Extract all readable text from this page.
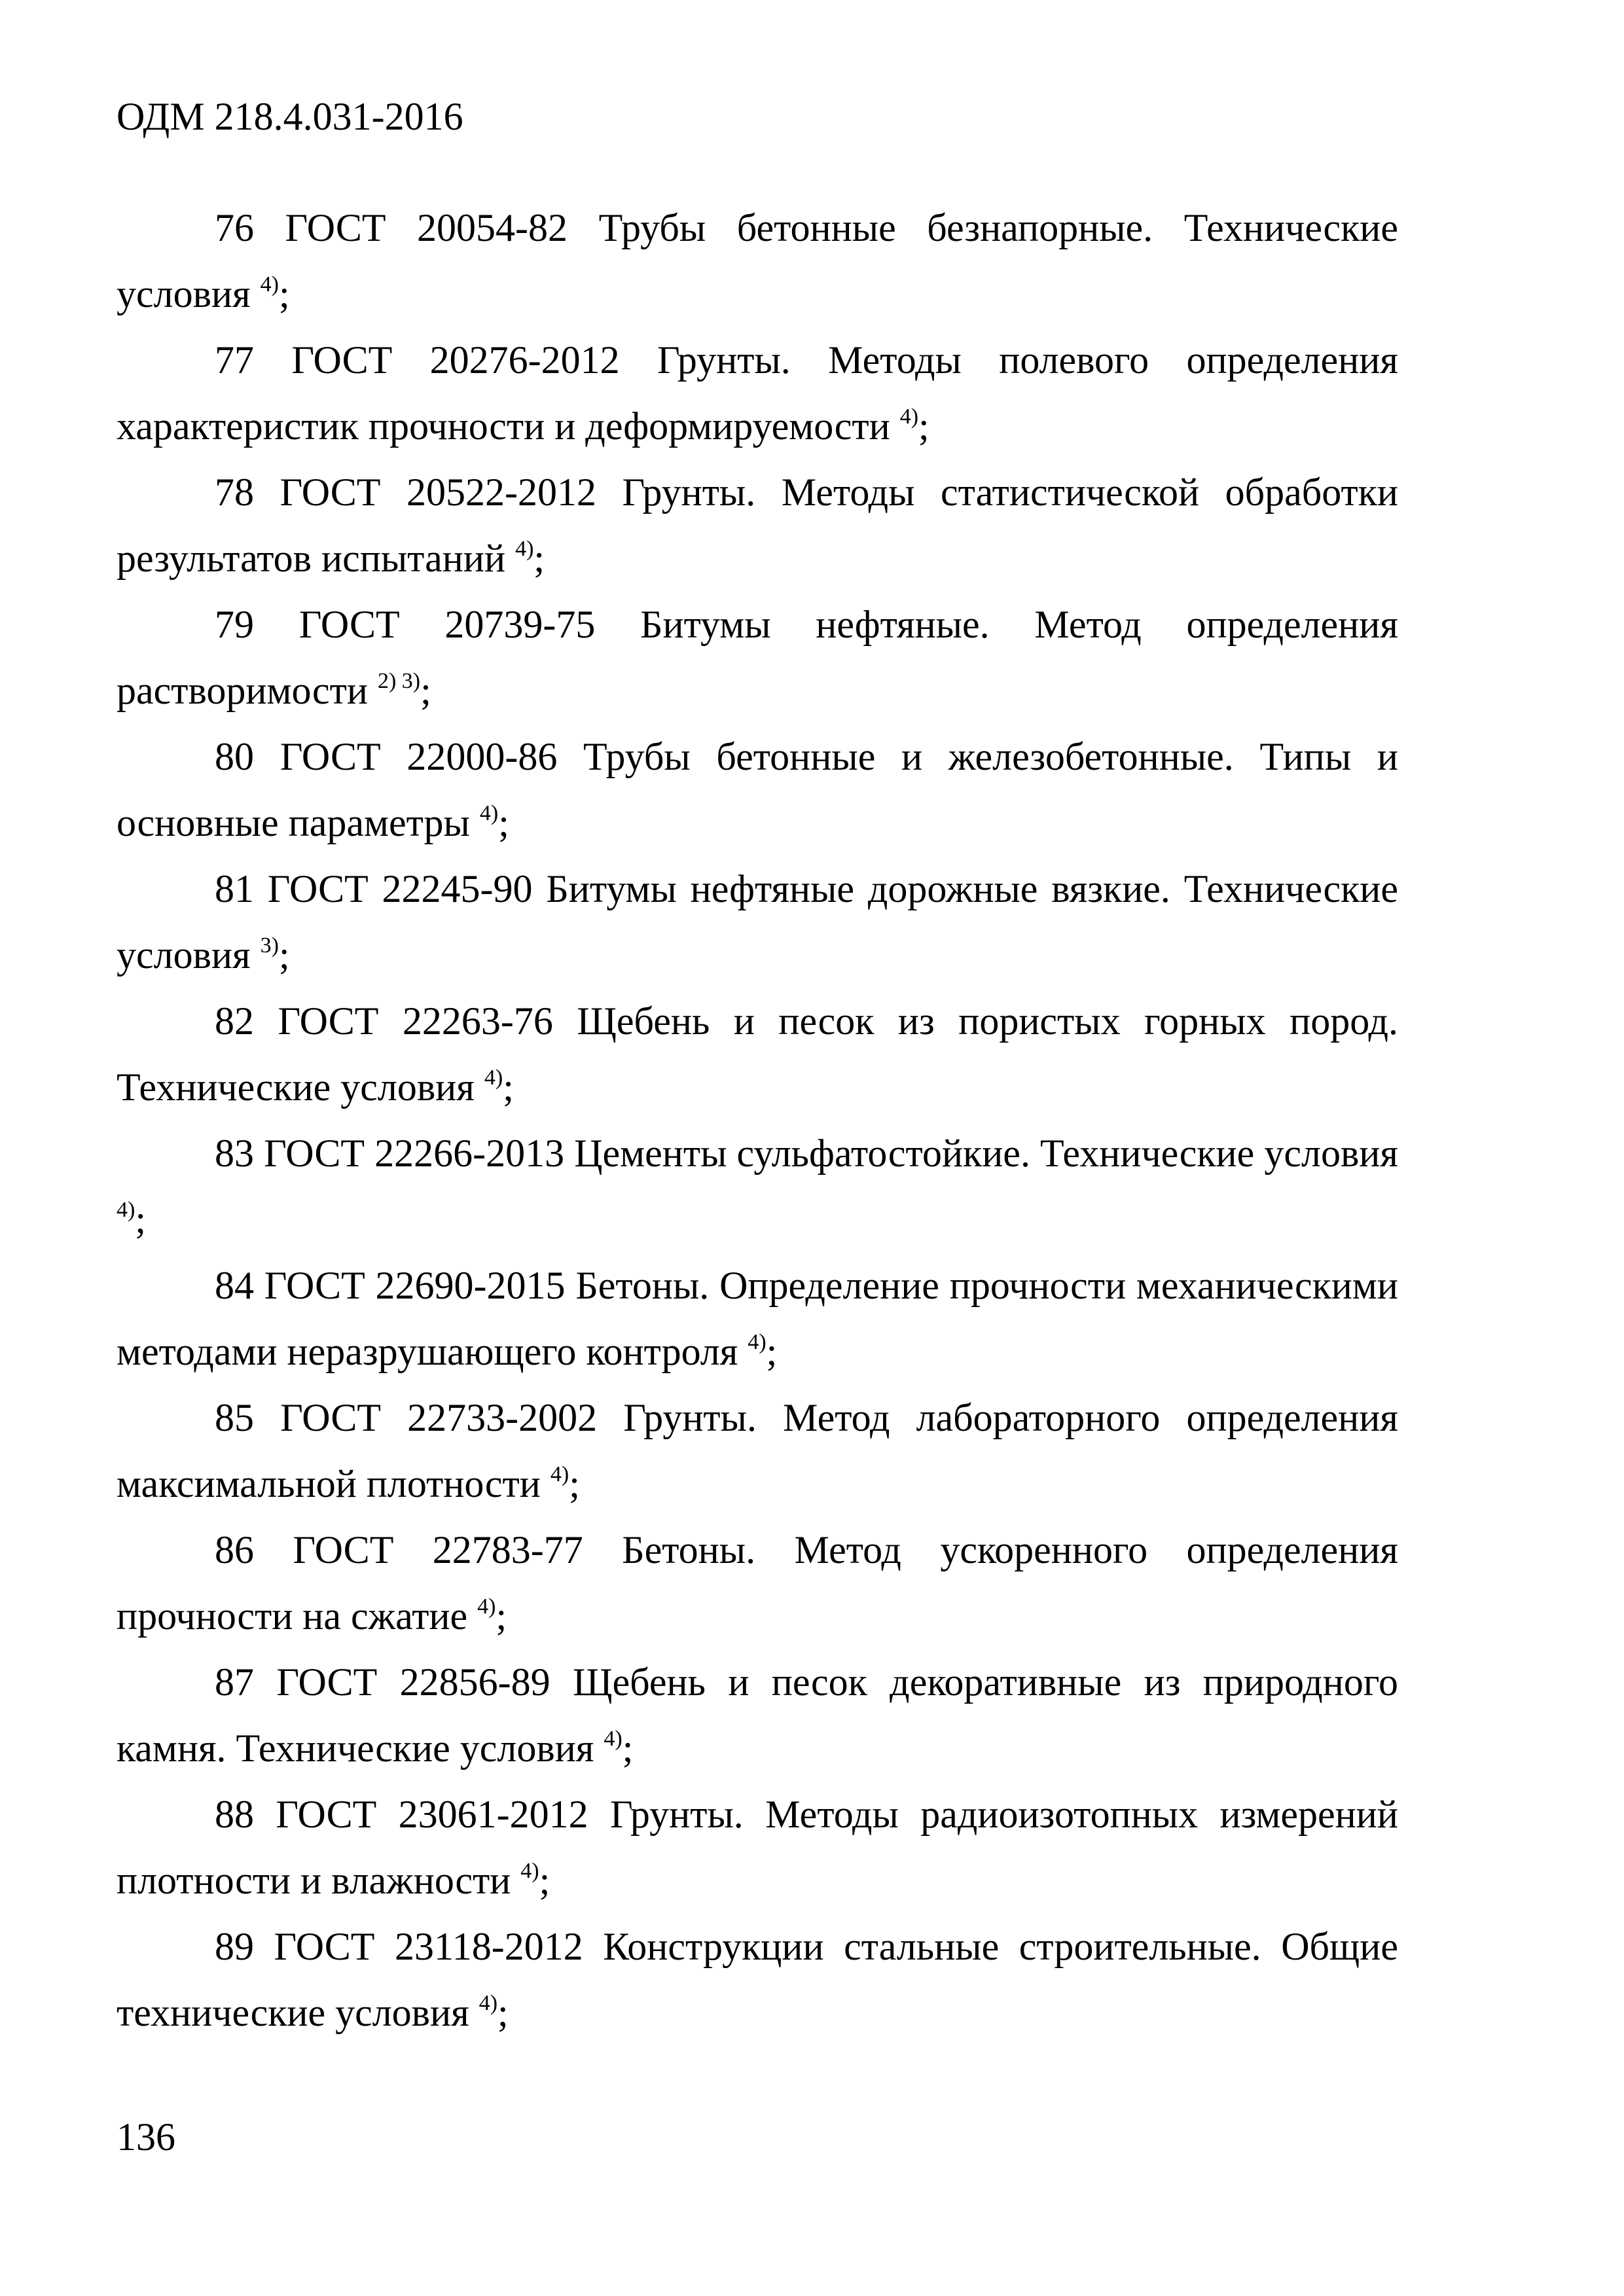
ОДМ 218.4.031-2016

76 ГОСТ 20054-82 Трубы бетонные безнапорные. Технические условия $^{4)}$;

77 ГОСТ 20276-2012 Грунты. Методы полевого определения характеристик прочности и деформируемости $^{4)}$;

78 ГОСТ 20522-2012 Грунты. Методы статистической обработки результатов испытаний $^{4)}$;

79 ГОСТ 20739-75 Битумы нефтяные. Метод определения растворимости $^{2) 3)}$;

80 ГОСТ 22000-86 Трубы бетонные и железобетонные. Типы и основные параметры $^{4)}$;

81 ГОСТ 22245-90 Битумы нефтяные дорожные вязкие. Технические условия $^{3)}$;

82 ГОСТ 22263-76 Щебень и песок из пористых горных пород. Технические условия $^{4)}$;

83 ГОСТ 22266-2013 Цементы сульфатостойкие. Технические условия $^{4)}$;

84 ГОСТ 22690-2015 Бетоны. Определение прочности механическими методами неразрушающего контроля $^{4)}$;

85 ГОСТ 22733-2002 Грунты. Метод лабораторного определения максимальной плотности $^{4)}$;

86 ГОСТ 22783-77 Бетоны. Метод ускоренного определения прочности на сжатие $^{4)}$;

87 ГОСТ 22856-89 Щебень и песок декоративные из природного камня. Технические условия $^{4)}$;

88 ГОСТ 23061-2012 Грунты. Методы радиоизотопных измерений плотности и влажности $^{4)}$;

89 ГОСТ 23118-2012 Конструкции стальные строительные. Общие технические условия $^{4)}$;

136
